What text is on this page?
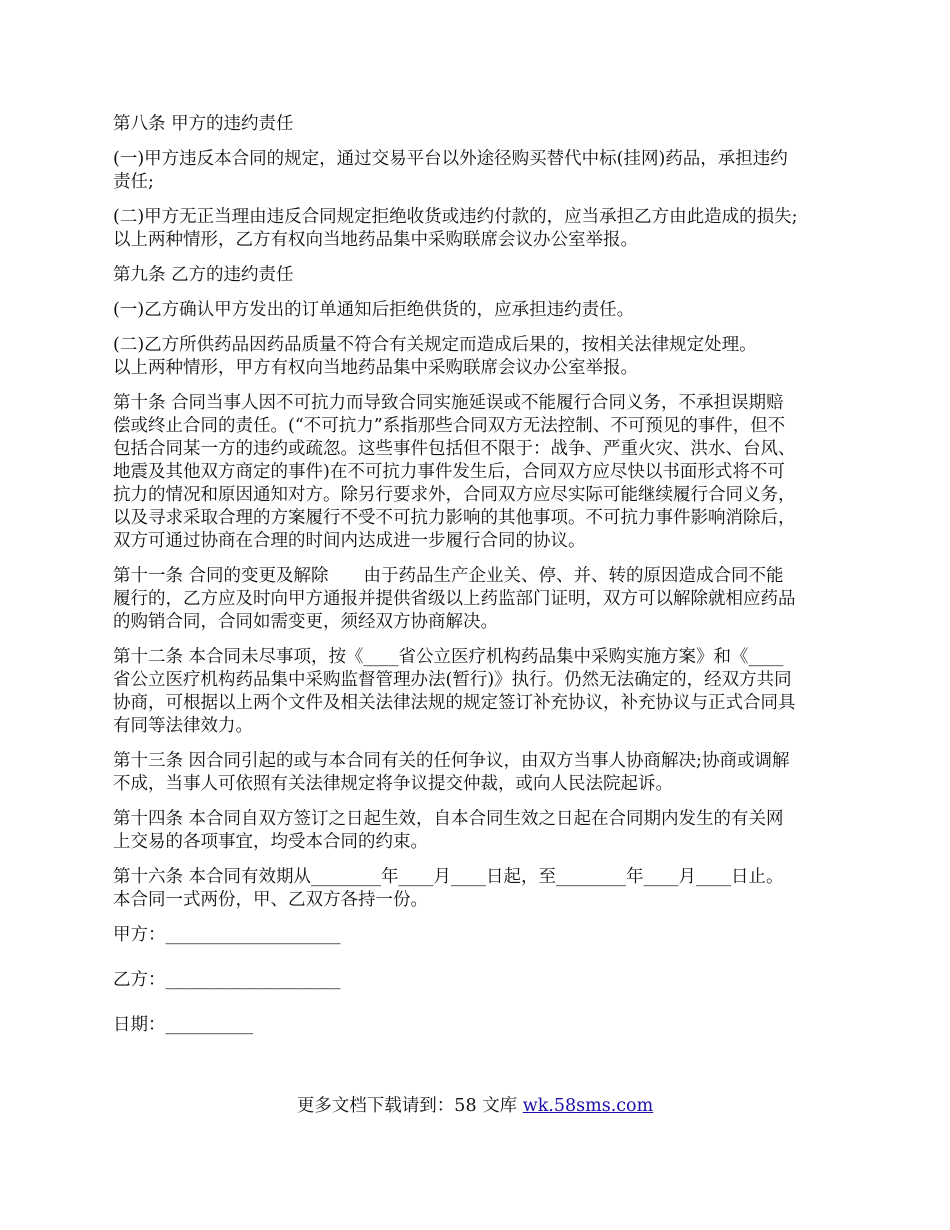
第八条 甲方的违约责任
(一)甲方违反本合同的规定，通过交易平台以外途径购买替代中标(挂网)药品，承担违约
责任;
(二)甲方无正当理由违反合同规定拒绝收货或违约付款的，应当承担乙方由此造成的损失;
以上两种情形，乙方有权向当地药品集中采购联席会议办公室举报。
第九条 乙方的违约责任
(一)乙方确认甲方发出的订单通知后拒绝供货的，应承担违约责任。
(二)乙方所供药品因药品质量不符合有关规定而造成后果的，按相关法律规定处理。
以上两种情形，甲方有权向当地药品集中采购联席会议办公室举报。
第十条 合同当事人因不可抗力而导致合同实施延误或不能履行合同义务，不承担误期赔
偿或终止合同的责任。(“不可抗力”系指那些合同双方无法控制、不可预见的事件，但不
包括合同某一方的违约或疏忽。这些事件包括但不限于：战争、严重火灾、洪水、台风、
地震及其他双方商定的事件)在不可抗力事件发生后，合同双方应尽快以书面形式将不可
抗力的情况和原因通知对方。除另行要求外，合同双方应尽实际可能继续履行合同义务，
以及寻求采取合理的方案履行不受不可抗力影响的其他事项。不可抗力事件影响消除后，
双方可通过协商在合理的时间内达成进一步履行合同的协议。
第十一条 合同的变更及解除　　由于药品生产企业关、停、并、转的原因造成合同不能
履行的，乙方应及时向甲方通报并提供省级以上药监部门证明，双方可以解除就相应药品
的购销合同，合同如需变更，须经双方协商解决。
第十二条 本合同未尽事项，按《____省公立医疗机构药品集中采购实施方案》和《____
省公立医疗机构药品集中采购监督管理办法(暂行)》执行。仍然无法确定的，经双方共同
协商，可根据以上两个文件及相关法律法规的规定签订补充协议，补充协议与正式合同具
有同等法律效力。
第十三条 因合同引起的或与本合同有关的任何争议，由双方当事人协商解决;协商或调解
不成，当事人可依照有关法律规定将争议提交仲裁，或向人民法院起诉。
第十四条 本合同自双方签订之日起生效，自本合同生效之日起在合同期内发生的有关网
上交易的各项事宜，均受本合同的约束。
第十六条 本合同有效期从________年____月____日起，至________年____月____日止。
本合同一式两份，甲、乙双方各持一份。
甲方：____________________
乙方：____________________
日期：__________
更多文档下载请到：58 文库 wk.58sms.com
